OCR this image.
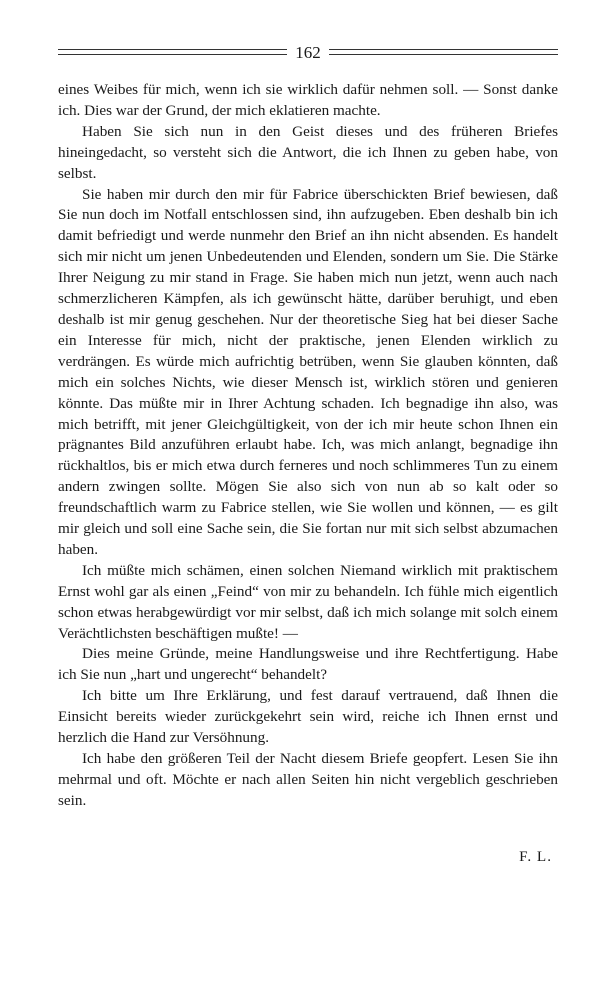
162

eines Weibes für mich, wenn ich sie wirklich dafür nehmen soll. — Sonst danke ich. Dies war der Grund, der mich eklatieren machte.

Haben Sie sich nun in den Geist dieses und des früheren Briefes hineingedacht, so versteht sich die Antwort, die ich Ihnen zu geben habe, von selbst.

Sie haben mir durch den mir für Fabrice überschickten Brief bewiesen, daß Sie nun doch im Notfall entschlossen sind, ihn aufzugeben. Eben deshalb bin ich damit befriedigt und werde nunmehr den Brief an ihn nicht absenden. Es handelt sich mir nicht um jenen Unbedeutenden und Elenden, sondern um Sie. Die Stärke Ihrer Neigung zu mir stand in Frage. Sie haben mich nun jetzt, wenn auch nach schmerzlicheren Kämpfen, als ich gewünscht hätte, darüber beruhigt, und eben deshalb ist mir genug geschehen. Nur der theoretische Sieg hat bei dieser Sache ein Interesse für mich, nicht der praktische, jenen Elenden wirklich zu verdrängen. Es würde mich aufrichtig betrüben, wenn Sie glauben könnten, daß mich ein solches Nichts, wie dieser Mensch ist, wirklich stören und genieren könnte. Das müßte mir in Ihrer Achtung schaden. Ich begnadige ihn also, was mich betrifft, mit jener Gleichgültigkeit, von der ich mir heute schon Ihnen ein prägnantes Bild anzuführen erlaubt habe. Ich, was mich anlangt, begnadige ihn rückhaltlos, bis er mich etwa durch ferneres und noch schlimmeres Tun zu einem andern zwingen sollte. Mögen Sie also sich von nun ab so kalt oder so freundschaftlich warm zu Fabrice stellen, wie Sie wollen und können, — es gilt mir gleich und soll eine Sache sein, die Sie fortan nur mit sich selbst abzumachen haben.

Ich müßte mich schämen, einen solchen Niemand wirklich mit praktischem Ernst wohl gar als einen „Feind“ von mir zu behandeln. Ich fühle mich eigentlich schon etwas herabgewürdigt vor mir selbst, daß ich mich solange mit solch einem Verächtlichsten beschäftigen mußte! —

Dies meine Gründe, meine Handlungsweise und ihre Rechtfertigung. Habe ich Sie nun „hart und ungerecht“ behandelt?

Ich bitte um Ihre Erklärung, und fest darauf vertrauend, daß Ihnen die Einsicht bereits wieder zurückgekehrt sein wird, reiche ich Ihnen ernst und herzlich die Hand zur Versöhnung.

Ich habe den größeren Teil der Nacht diesem Briefe geopfert. Lesen Sie ihn mehrmal und oft. Möchte er nach allen Seiten hin nicht vergeblich geschrieben sein.

F. L.
